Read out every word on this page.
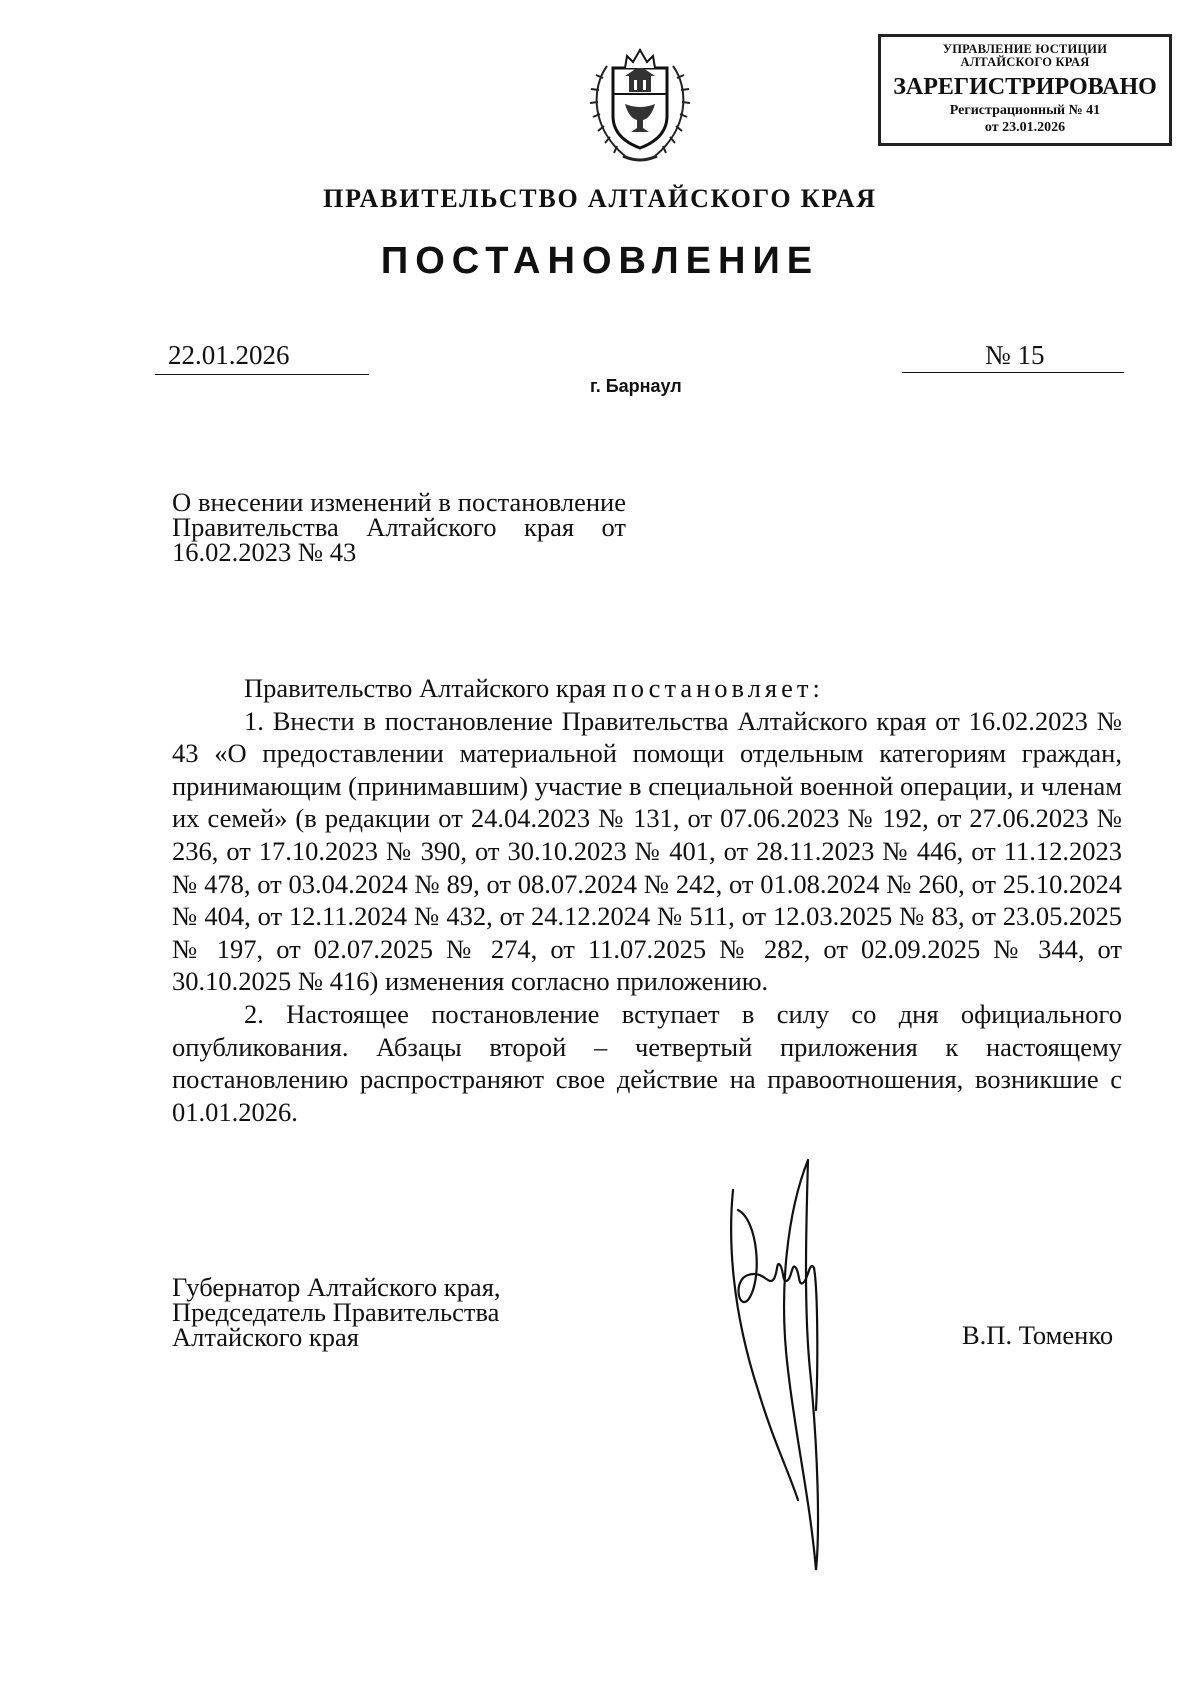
УПРАВЛЕНИЕ ЮСТИЦИИ
АЛТАЙСКОГО КРАЯ
ЗАРЕГИСТРИРОВАНО
Регистрационный № 41
от 23.01.2026
ПРАВИТЕЛЬСТВО АЛТАЙСКОГО КРАЯ
ПОСТАНОВЛЕНИЕ
22.01.2026	№ 15
г. Барнаул
О внесении изменений в постановление Правительства Алтайского края от 16.02.2023 № 43

Правительство Алтайского края постановляет:

1. Внести в постановление Правительства Алтайского края от 16.02.2023 № 43 «О предоставлении материальной помощи отдельным категориям граждан, принимающим (принимавшим) участие в специальной военной операции, и членам их семей» (в редакции от 24.04.2023 № 131, от 07.06.2023 № 192, от 27.06.2023 № 236, от 17.10.2023 № 390, от 30.10.2023 № 401, от 28.11.2023 № 446, от 11.12.2023 № 478, от 03.04.2024 № 89, от 08.07.2024 № 242, от 01.08.2024 № 260, от 25.10.2024 № 404, от 12.11.2024 № 432, от 24.12.2024 № 511, от 12.03.2025 № 83, от 23.05.2025 № 197, от 02.07.2025 № 274, от 11.07.2025 № 282, от 02.09.2025 № 344, от 30.10.2025 № 416) изменения согласно приложению.

2. Настоящее постановление вступает в силу со дня официального опубликования. Абзацы второй – четвертый приложения к настоящему постановлению распространяют свое действие на правоотношения, возникшие с 01.01.2026.

Губернатор Алтайского края,
Председатель Правительства
Алтайского края	В.П. Томенко
